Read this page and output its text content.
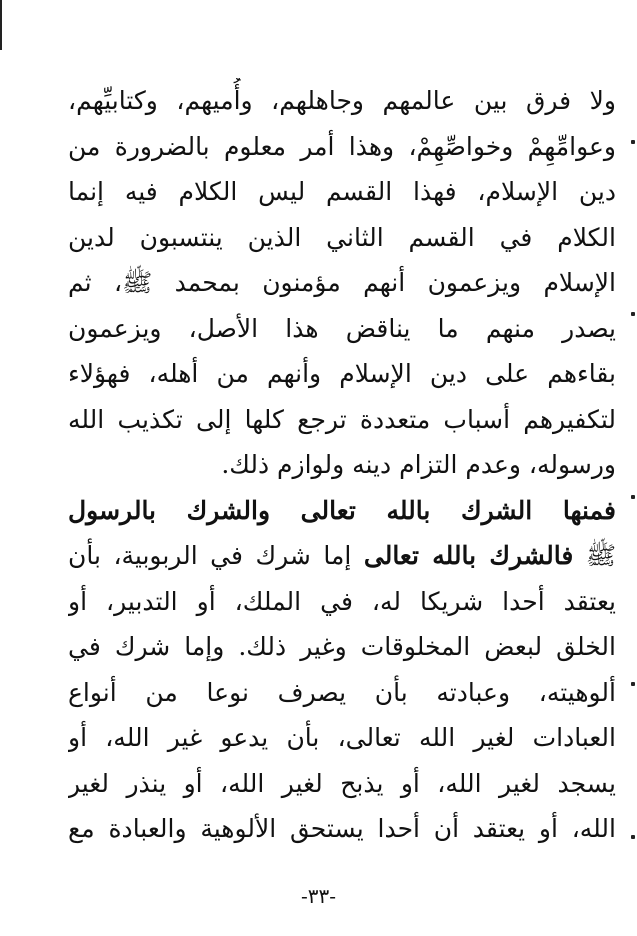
ولا فرق بين عالمهم وجاهلهم، وأُميهم، وكتابيِّهم،
وعوامِّهِمْ وخواصِّهِمْ، وهذا أمر معلوم بالضرورة من
دين الإسلام، فهذا القسم ليس الكلام فيه إنما
الكلام في القسم الثاني الذين ينتسبون لدين
الإسلام ويزعمون أنهم مؤمنون بمحمد ﷺ، ثم
يصدر منهم ما يناقض هذا الأصل، ويزعمون
بقاءهم على دين الإسلام وأنهم من أهله، فهؤلاء
لتكفيرهم أسباب متعددة ترجع كلها إلى تكذيب الله
ورسوله، وعدم التزام دينه ولوازم ذلك.
فمنها الشرك بالله تعالى والشرك بالرسول
ﷺ فالشرك بالله تعالى إما شرك في الربوبية، بأن
يعتقد أحدا شريكا له، في الملك، أو التدبير، أو
الخلق لبعض المخلوقات وغير ذلك. وإما شرك في
ألوهيته، وعبادته بأن يصرف نوعا من أنواع
العبادات لغير الله تعالى، بأن يدعو غير الله، أو
يسجد لغير الله، أو يذبح لغير الله، أو ينذر لغير
الله، أو يعتقد أن أحدا يستحق الألوهية والعبادة مع
-٣٣-
